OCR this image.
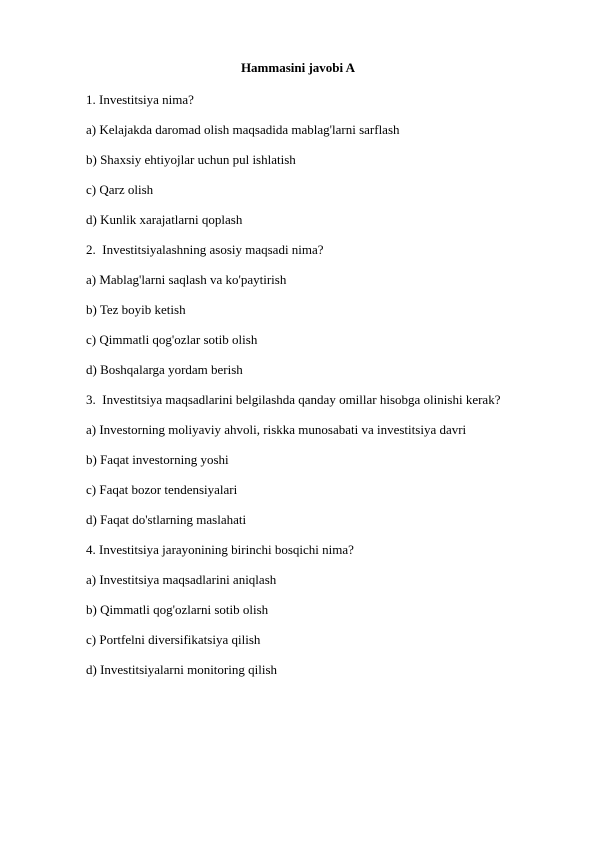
Hammasini javobi A
1. Investitsiya nima?
a) Kelajakda daromad olish maqsadida mablag'larni sarflash
b) Shaxsiy ehtiyojlar uchun pul ishlatish
c) Qarz olish
d) Kunlik xarajatlarni qoplash
2.  Investitsiyalashning asosiy maqsadi nima?
a) Mablag'larni saqlash va ko'paytirish
b) Tez boyib ketish
c) Qimmatli qog'ozlar sotib olish
d) Boshqalarga yordam berish
3.  Investitsiya maqsadlarini belgilashda qanday omillar hisobga olinishi kerak?
a) Investorning moliyaviy ahvoli, riskka munosabati va investitsiya davri
b) Faqat investorning yoshi
c) Faqat bozor tendensiyalari
d) Faqat do'stlarning maslahati
4. Investitsiya jarayonining birinchi bosqichi nima?
a) Investitsiya maqsadlarini aniqlash
b) Qimmatli qog'ozlarni sotib olish
c) Portfelni diversifikatsiya qilish
d) Investitsiyalarni monitoring qilish
